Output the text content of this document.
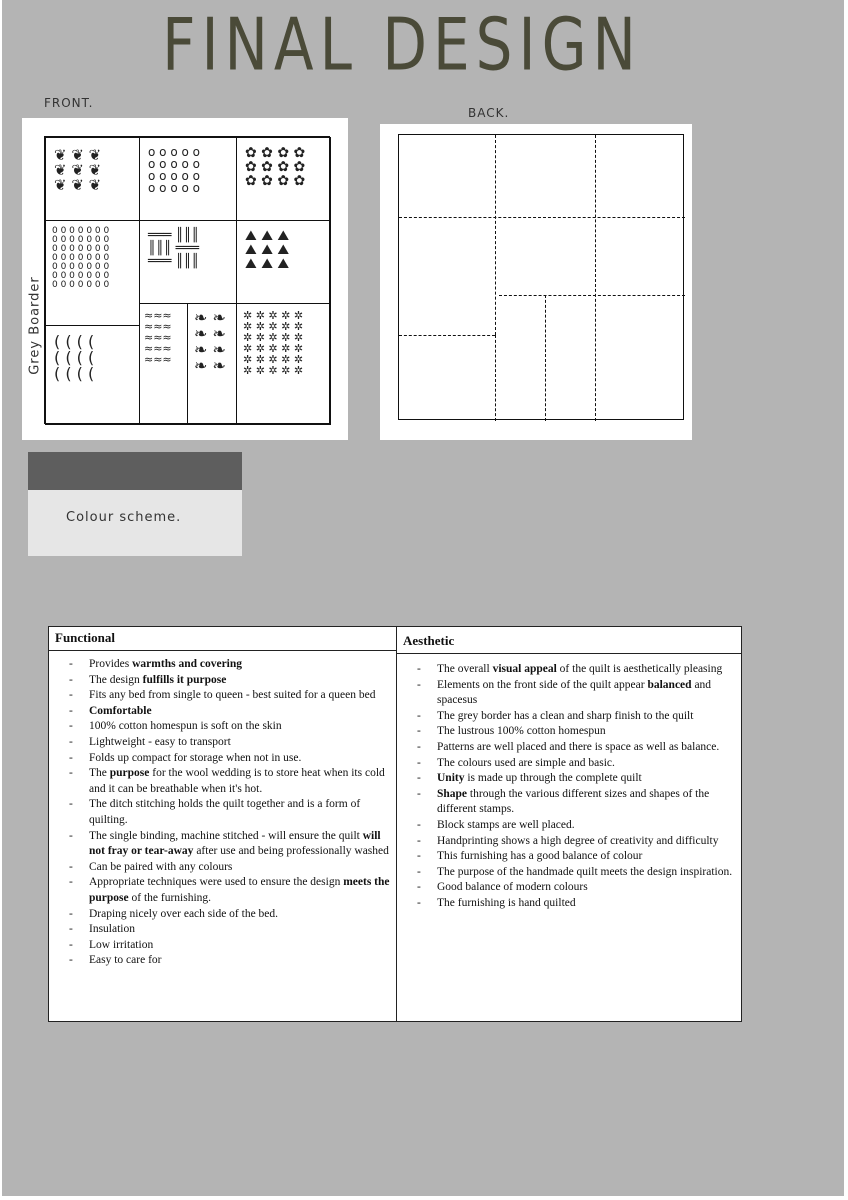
FINAL DESIGN
FRONT.
BACK.
Grey Boarder
❦ ❦ ❦
❦ ❦ ❦
❦ ❦ ❦
o o o o o
o o o o o
o o o o o
o o o o o
✿ ✿ ✿ ✿
✿ ✿ ✿ ✿
✿ ✿ ✿ ✿
0 0 0 0 0 0 0
0 0 0 0 0 0 0
0 0 0 0 0 0 0
0 0 0 0 0 0 0
0 0 0 0 0 0 0
0 0 0 0 0 0 0
0 0 0 0 0 0 0
═══ ║║║
║║║ ═══
═══ ║║║
⛰ ⛰ ⛰
⛰ ⛰ ⛰
⛰ ⛰ ⛰
≈≈≈
≈≈≈
≈≈≈
≈≈≈
≈≈≈
❧ ❧
❧ ❧
❧ ❧
❧ ❧
✲ ✲ ✲ ✲ ✲
✲ ✲ ✲ ✲ ✲
✲ ✲ ✲ ✲ ✲
✲ ✲ ✲ ✲ ✲
✲ ✲ ✲ ✲ ✲
✲ ✲ ✲ ✲ ✲
( ( ( (
( ( ( (
( ( ( (
Colour scheme.
Functional
- Provides warmths and covering
- The design fulfills it purpose
- Fits any bed from single to queen - best suited for a queen bed
- Comfortable
- 100% cotton homespun is soft on the skin
- Lightweight - easy to transport
- Folds up compact for storage when not in use.
- The purpose for the wool wedding is to store heat when its cold and it can be breathable when it's hot.
- The ditch stitching holds the quilt together and is a form of quilting.
- The single binding, machine stitched - will ensure the quilt will not fray or tear-away after use and being professionally washed
- Can be paired with any colours
- Appropriate techniques were used to ensure the design meets the purpose of the furnishing.
- Draping nicely over each side of the bed.
- Insulation
- Low irritation
- Easy to care for

Aesthetic
- The overall visual appeal of the quilt is aesthetically pleasing
- Elements on the front side of the quilt appear balanced and spacesus
- The grey border has a clean and sharp finish to the quilt
- The lustrous 100% cotton homespun
- Patterns are well placed and there is space as well as balance.
- The colours used are simple and basic.
- Unity is made up through the complete quilt
- Shape through the various different sizes and shapes of the different stamps.
- Block stamps are well placed.
- Handprinting shows a high degree of creativity and difficulty
- This furnishing has a good balance of colour
- The purpose of the handmade quilt meets the design inspiration.
- Good balance of modern colours
- The furnishing is hand quilted
